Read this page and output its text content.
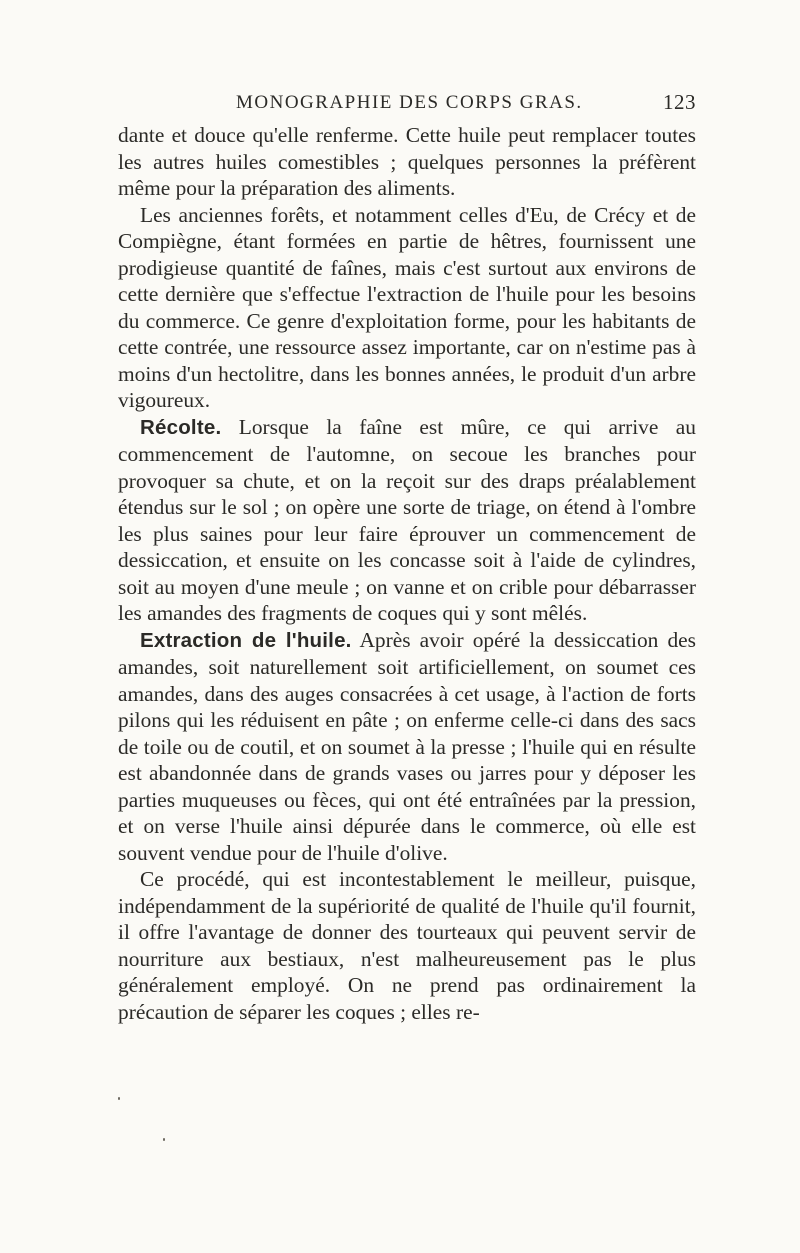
MONOGRAPHIE DES CORPS GRAS.	123

dante et douce qu'elle renferme. Cette huile peut remplacer toutes les autres huiles comestibles ; quelques personnes la préfèrent même pour la préparation des aliments.

Les anciennes forêts, et notamment celles d'Eu, de Crécy et de Compiègne, étant formées en partie de hêtres, fournissent une prodigieuse quantité de faînes, mais c'est surtout aux environs de cette dernière que s'effectue l'extraction de l'huile pour les besoins du commerce. Ce genre d'exploitation forme, pour les habitants de cette contrée, une ressource assez importante, car on n'estime pas à moins d'un hectolitre, dans les bonnes années, le produit d'un arbre vigoureux.

Récolte. Lorsque la faîne est mûre, ce qui arrive au commencement de l'automne, on secoue les branches pour provoquer sa chute, et on la reçoit sur des draps préalablement étendus sur le sol ; on opère une sorte de triage, on étend à l'ombre les plus saines pour leur faire éprouver un commencement de dessiccation, et ensuite on les concasse soit à l'aide de cylindres, soit au moyen d'une meule ; on vanne et on crible pour débarrasser les amandes des fragments de coques qui y sont mêlés.

Extraction de l'huile. Après avoir opéré la dessiccation des amandes, soit naturellement soit artificiellement, on soumet ces amandes, dans des auges consacrées à cet usage, à l'action de forts pilons qui les réduisent en pâte ; on enferme celle-ci dans des sacs de toile ou de coutil, et on soumet à la presse ; l'huile qui en résulte est abandonnée dans de grands vases ou jarres pour y déposer les parties muqueuses ou fèces, qui ont été entraînées par la pression, et on verse l'huile ainsi dépurée dans le commerce, où elle est souvent vendue pour de l'huile d'olive.

Ce procédé, qui est incontestablement le meilleur, puisque, indépendamment de la supériorité de qualité de l'huile qu'il fournit, il offre l'avantage de donner des tourteaux qui peuvent servir de nourriture aux bestiaux, n'est malheureusement pas le plus généralement employé. On ne prend pas ordinairement la précaution de séparer les coques ; elles re-
